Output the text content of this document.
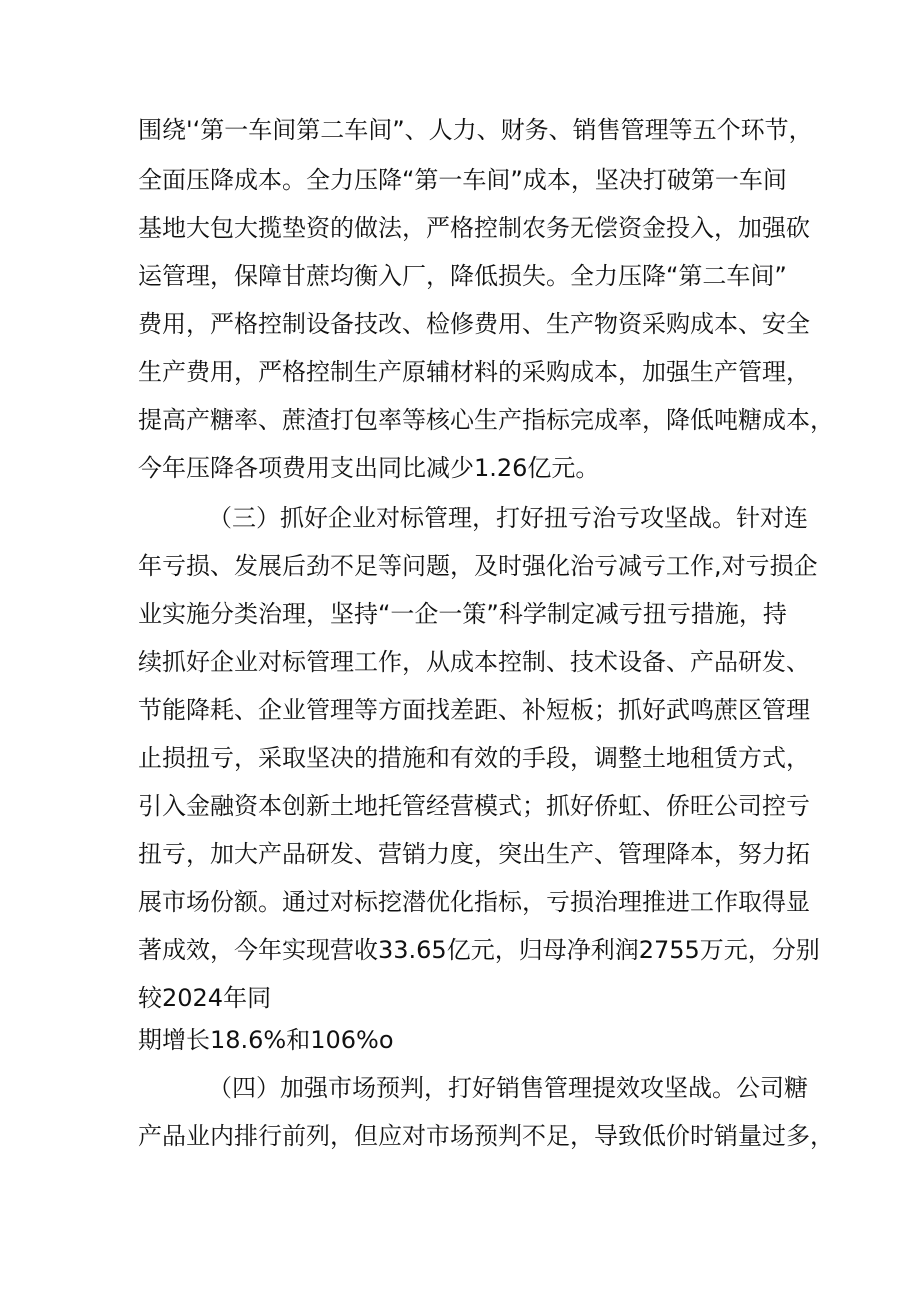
围绕'‘第一车间第二车间”、人力、财务、销售管理等五个环节，
全面压降成本。全力压降“第一车间”成本，坚决打破第一车间
基地大包大揽垫资的做法，严格控制农务无偿资金投入，加强砍
运管理，保障甘蔗均衡入厂，降低损失。全力压降“第二车间”
费用，严格控制设备技改、检修费用、生产物资采购成本、安全
生产费用，严格控制生产原辅材料的采购成本，加强生产管理，
提高产糖率、蔗渣打包率等核心生产指标完成率，降低吨糖成本，
今年压降各项费用支出同比减少1.26亿元。
（三）抓好企业对标管理，打好扭亏治亏攻坚战。针对连
年亏损、发展后劲不足等问题，及时强化治亏减亏工作,对亏损企
业实施分类治理，坚持“一企一策”科学制定减亏扭亏措施，持
续抓好企业对标管理工作，从成本控制、技术设备、产品研发、
节能降耗、企业管理等方面找差距、补短板；抓好武鸣蔗区管理
止损扭亏，采取坚决的措施和有效的手段，调整土地租赁方式，
引入金融资本创新土地托管经营模式；抓好侨虹、侨旺公司控亏
扭亏，加大产品研发、营销力度，突出生产、管理降本，努力拓
展市场份额。通过对标挖潜优化指标，亏损治理推进工作取得显
著成效，今年实现营收33.65亿元，归母净利润2755万元，分别
较2024年同
期增长18.6%和106%o
（四）加强市场预判，打好销售管理提效攻坚战。公司糖
产品业内排行前列，但应对市场预判不足，导致低价时销量过多，
